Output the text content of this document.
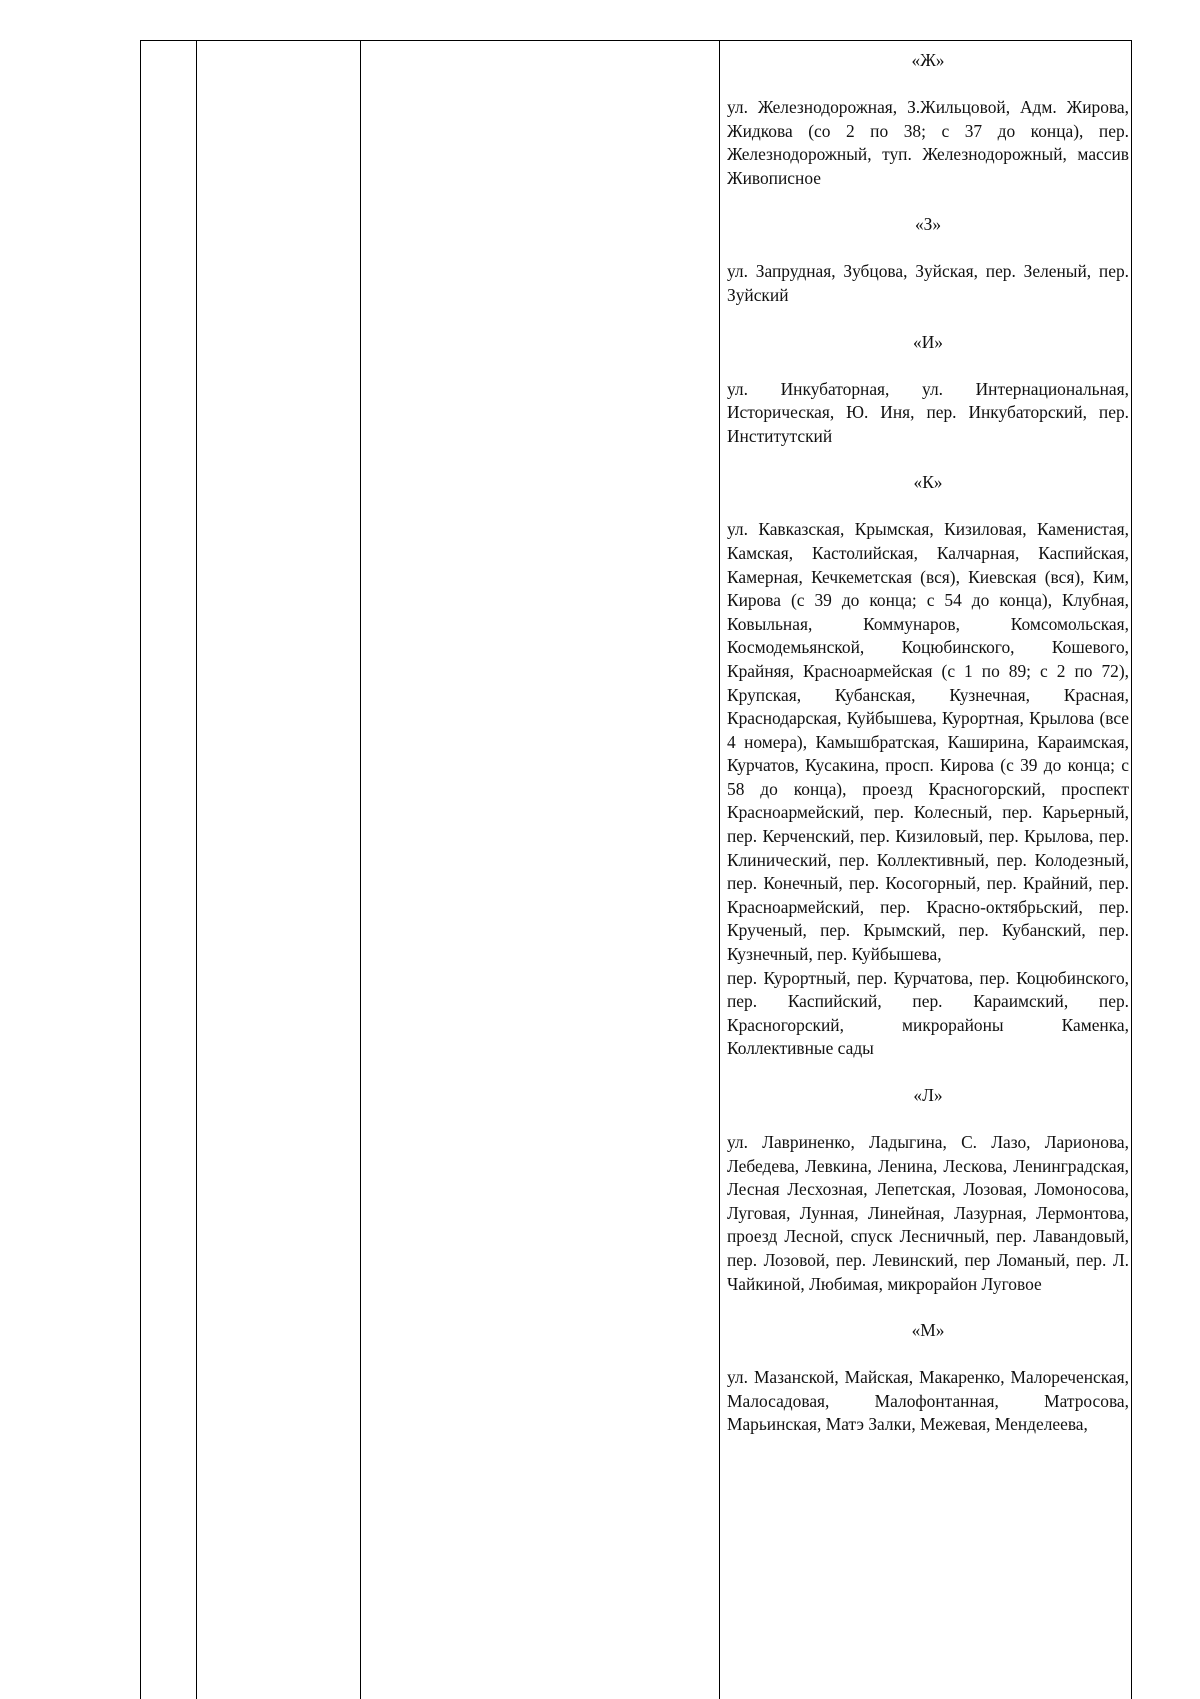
«Ж»
ул. Железнодорожная, З.Жильцовой, Адм. Жирова, Жидкова (со 2 по 38; с 37 до конца), пер. Железнодорожный, туп. Железнодорожный, массив Живописное
«З»
ул. Запрудная, Зубцова, Зуйская, пер. Зеленый, пер. Зуйский
«И»
ул. Инкубаторная, ул. Интернациональная, Историческая, Ю. Иня, пер. Инкубаторский, пер. Институтский
«К»
ул. Кавказская, Крымская, Кизиловая, Каменистая, Камская, Кастолийская, Калчарная, Каспийская, Камерная, Кечкеметская (вся), Киевская (вся), Ким, Кирова (с 39 до конца; с 54 до конца), Клубная, Ковыльная, Коммунаров, Комсомольская, Космодемьянской, Коцюбинского, Кошевого, Крайняя, Красноармейская (с 1 по 89; с 2 по 72), Крупская, Кубанская, Кузнечная, Красная, Краснодарская, Куйбышева, Курортная, Крылова (все 4 номера), Камышбратская, Каширина, Караимская, Курчатов, Кусакина, просп. Кирова (с 39 до конца; с 58 до конца), проезд Красногорский, проспект Красноармейский, пер. Колесный, пер. Карьерный, пер. Керченский, пер. Кизиловый, пер. Крылова, пер. Клинический, пер. Коллективный, пер. Колодезный, пер. Конечный, пер. Косогорный, пер. Крайний, пер. Красноармейский, пер. Красно-октябрьский, пер. Крученый, пер. Крымский, пер. Кубанский, пер. Кузнечный, пер. Куйбышева,
пер. Курортный, пер. Курчатова, пер. Коцюбинского, пер. Каспийский, пер. Караимский, пер. Красногорский, микрорайоны Каменка, Коллективные сады
«Л»
ул. Лавриненко, Ладыгина, С. Лазо, Ларионова, Лебедева, Левкина, Ленина, Лескова, Ленинградская, Лесная Лесхозная, Лепетская, Лозовая, Ломоносова, Луговая, Лунная, Линейная, Лазурная, Лермонтова, проезд Лесной, спуск Лесничный, пер. Лавандовый, пер. Лозовой, пер. Левинский, пер Ломаный, пер. Л. Чайкиной, Любимая, микрорайон Луговое
«М»
ул. Мазанской, Майская, Макаренко, Малореченская, Малосадовая, Малофонтанная, Матросова, Марьинская, Матэ Залки, Межевая, Менделеева,
